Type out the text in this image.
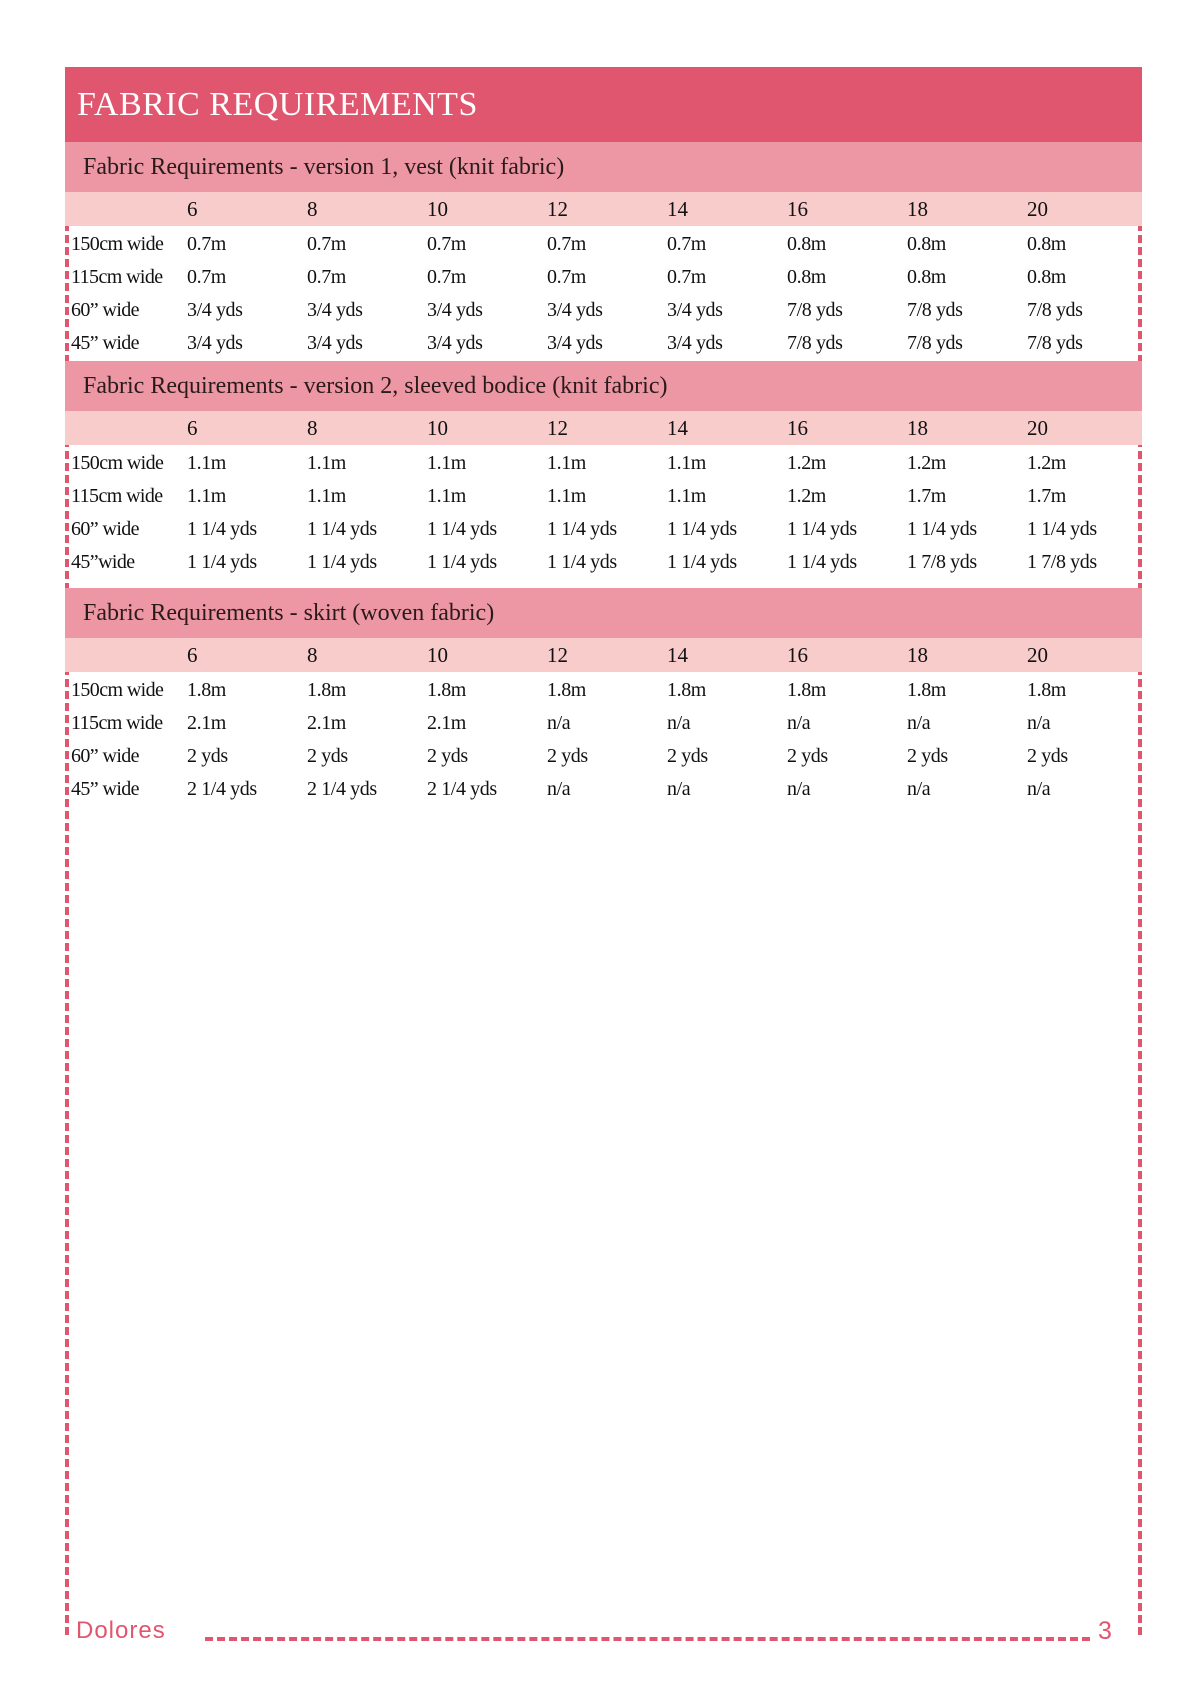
FABRIC REQUIREMENTS
Fabric Requirements - version 1, vest (knit fabric)
6	8	10	12	14	16	18	20
150cm wide	0.7m	0.7m	0.7m	0.7m	0.7m	0.8m	0.8m	0.8m
115cm wide	0.7m	0.7m	0.7m	0.7m	0.7m	0.8m	0.8m	0.8m
60” wide	3/4 yds	3/4 yds	3/4 yds	3/4 yds	3/4 yds	7/8 yds	7/8 yds	7/8 yds
45” wide	3/4 yds	3/4 yds	3/4 yds	3/4 yds	3/4 yds	7/8 yds	7/8 yds	7/8 yds
Fabric Requirements - version 2, sleeved bodice (knit fabric)
6	8	10	12	14	16	18	20
150cm wide	1.1m	1.1m	1.1m	1.1m	1.1m	1.2m	1.2m	1.2m
115cm wide	1.1m	1.1m	1.1m	1.1m	1.1m	1.2m	1.7m	1.7m
60” wide	1 1/4 yds	1 1/4 yds	1 1/4 yds	1 1/4 yds	1 1/4 yds	1 1/4 yds	1 1/4 yds	1 1/4 yds
45”wide	1 1/4 yds	1 1/4 yds	1 1/4 yds	1 1/4 yds	1 1/4 yds	1 1/4 yds	1 7/8 yds	1 7/8 yds
Fabric Requirements - skirt (woven fabric)
6	8	10	12	14	16	18	20
150cm wide	1.8m	1.8m	1.8m	1.8m	1.8m	1.8m	1.8m	1.8m
115cm wide	2.1m	2.1m	2.1m	n/a	n/a	n/a	n/a	n/a
60” wide	2 yds	2 yds	2 yds	2 yds	2 yds	2 yds	2 yds	2 yds
45” wide	2 1/4 yds	2 1/4 yds	2 1/4 yds	n/a	n/a	n/a	n/a	n/a
Dolores	3
